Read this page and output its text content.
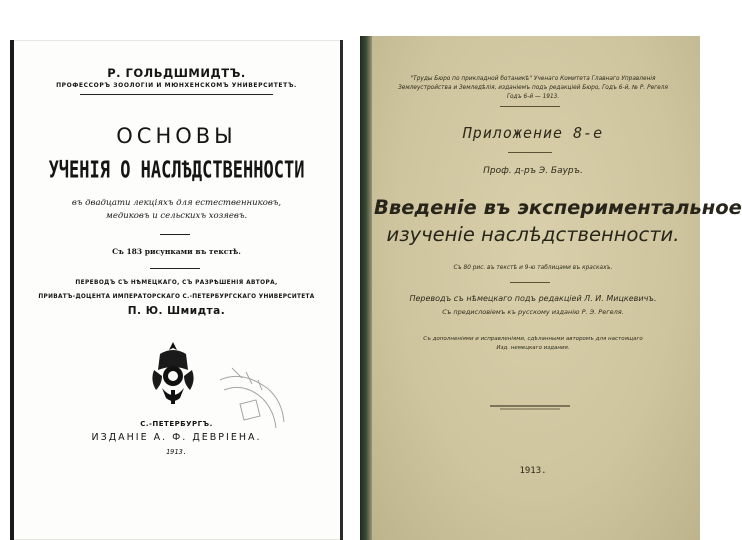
Р. ГОЛЬДШМИДТЪ.
ПРОФЕССОРЪ ЗООЛОГІИ И МЮНХЕНСКОМЪ УНИВЕРСИТЕТЪ.
ОСНОВЫ
УЧЕНІЯ О НАСЛѢДСТВЕННОСТИ
въ двадцати лекціяхъ для естественниковъ,
медиковъ и сельскихъ хозяевъ.
Съ 183 рисунками въ текстѣ.
ПЕРЕВОДЪ СЪ НѢМЕЦКАГО, СЪ РАЗРѢШЕНІЯ АВТОРА,
ПРИВАТЪ-ДОЦЕНТА ИМПЕРАТОРСКАГО С.-ПЕТЕРБУРГСКАГО УНИВЕРСИТЕТА
П. Ю. Шмидта.
С.-ПЕТЕРБУРГЪ.
ИЗДАНІЕ А. Ф. ДЕВРІЕНА.
1913.
"Труды Бюро по прикладной ботаникѣ" Ученаго Комитета Главнаго Управленія
Землеустройства и Земледѣлія, изданіемъ подъ редакціей Бюро, Годъ 6-й, № Р. Регеля
Годъ 6-й — 1913.
Приложение 8-е
Проф. д-ръ Э. Бауръ.
Введеніе въ экспериментальное
изученіе наслѣдственности.
Съ 80 рис. въ текстѣ и 9-ю таблицами въ краскахъ.
Переводъ съ нѣмецкаго подъ редакціей Л. И. Мицкевичъ.
Съ предисловіемъ къ русскому изданію Р. Э. Регеля.
Съ дополненіями и исправленіями, сдѣланными авторомъ для настоящаго
Изд. немецкаго издания.
1913.
